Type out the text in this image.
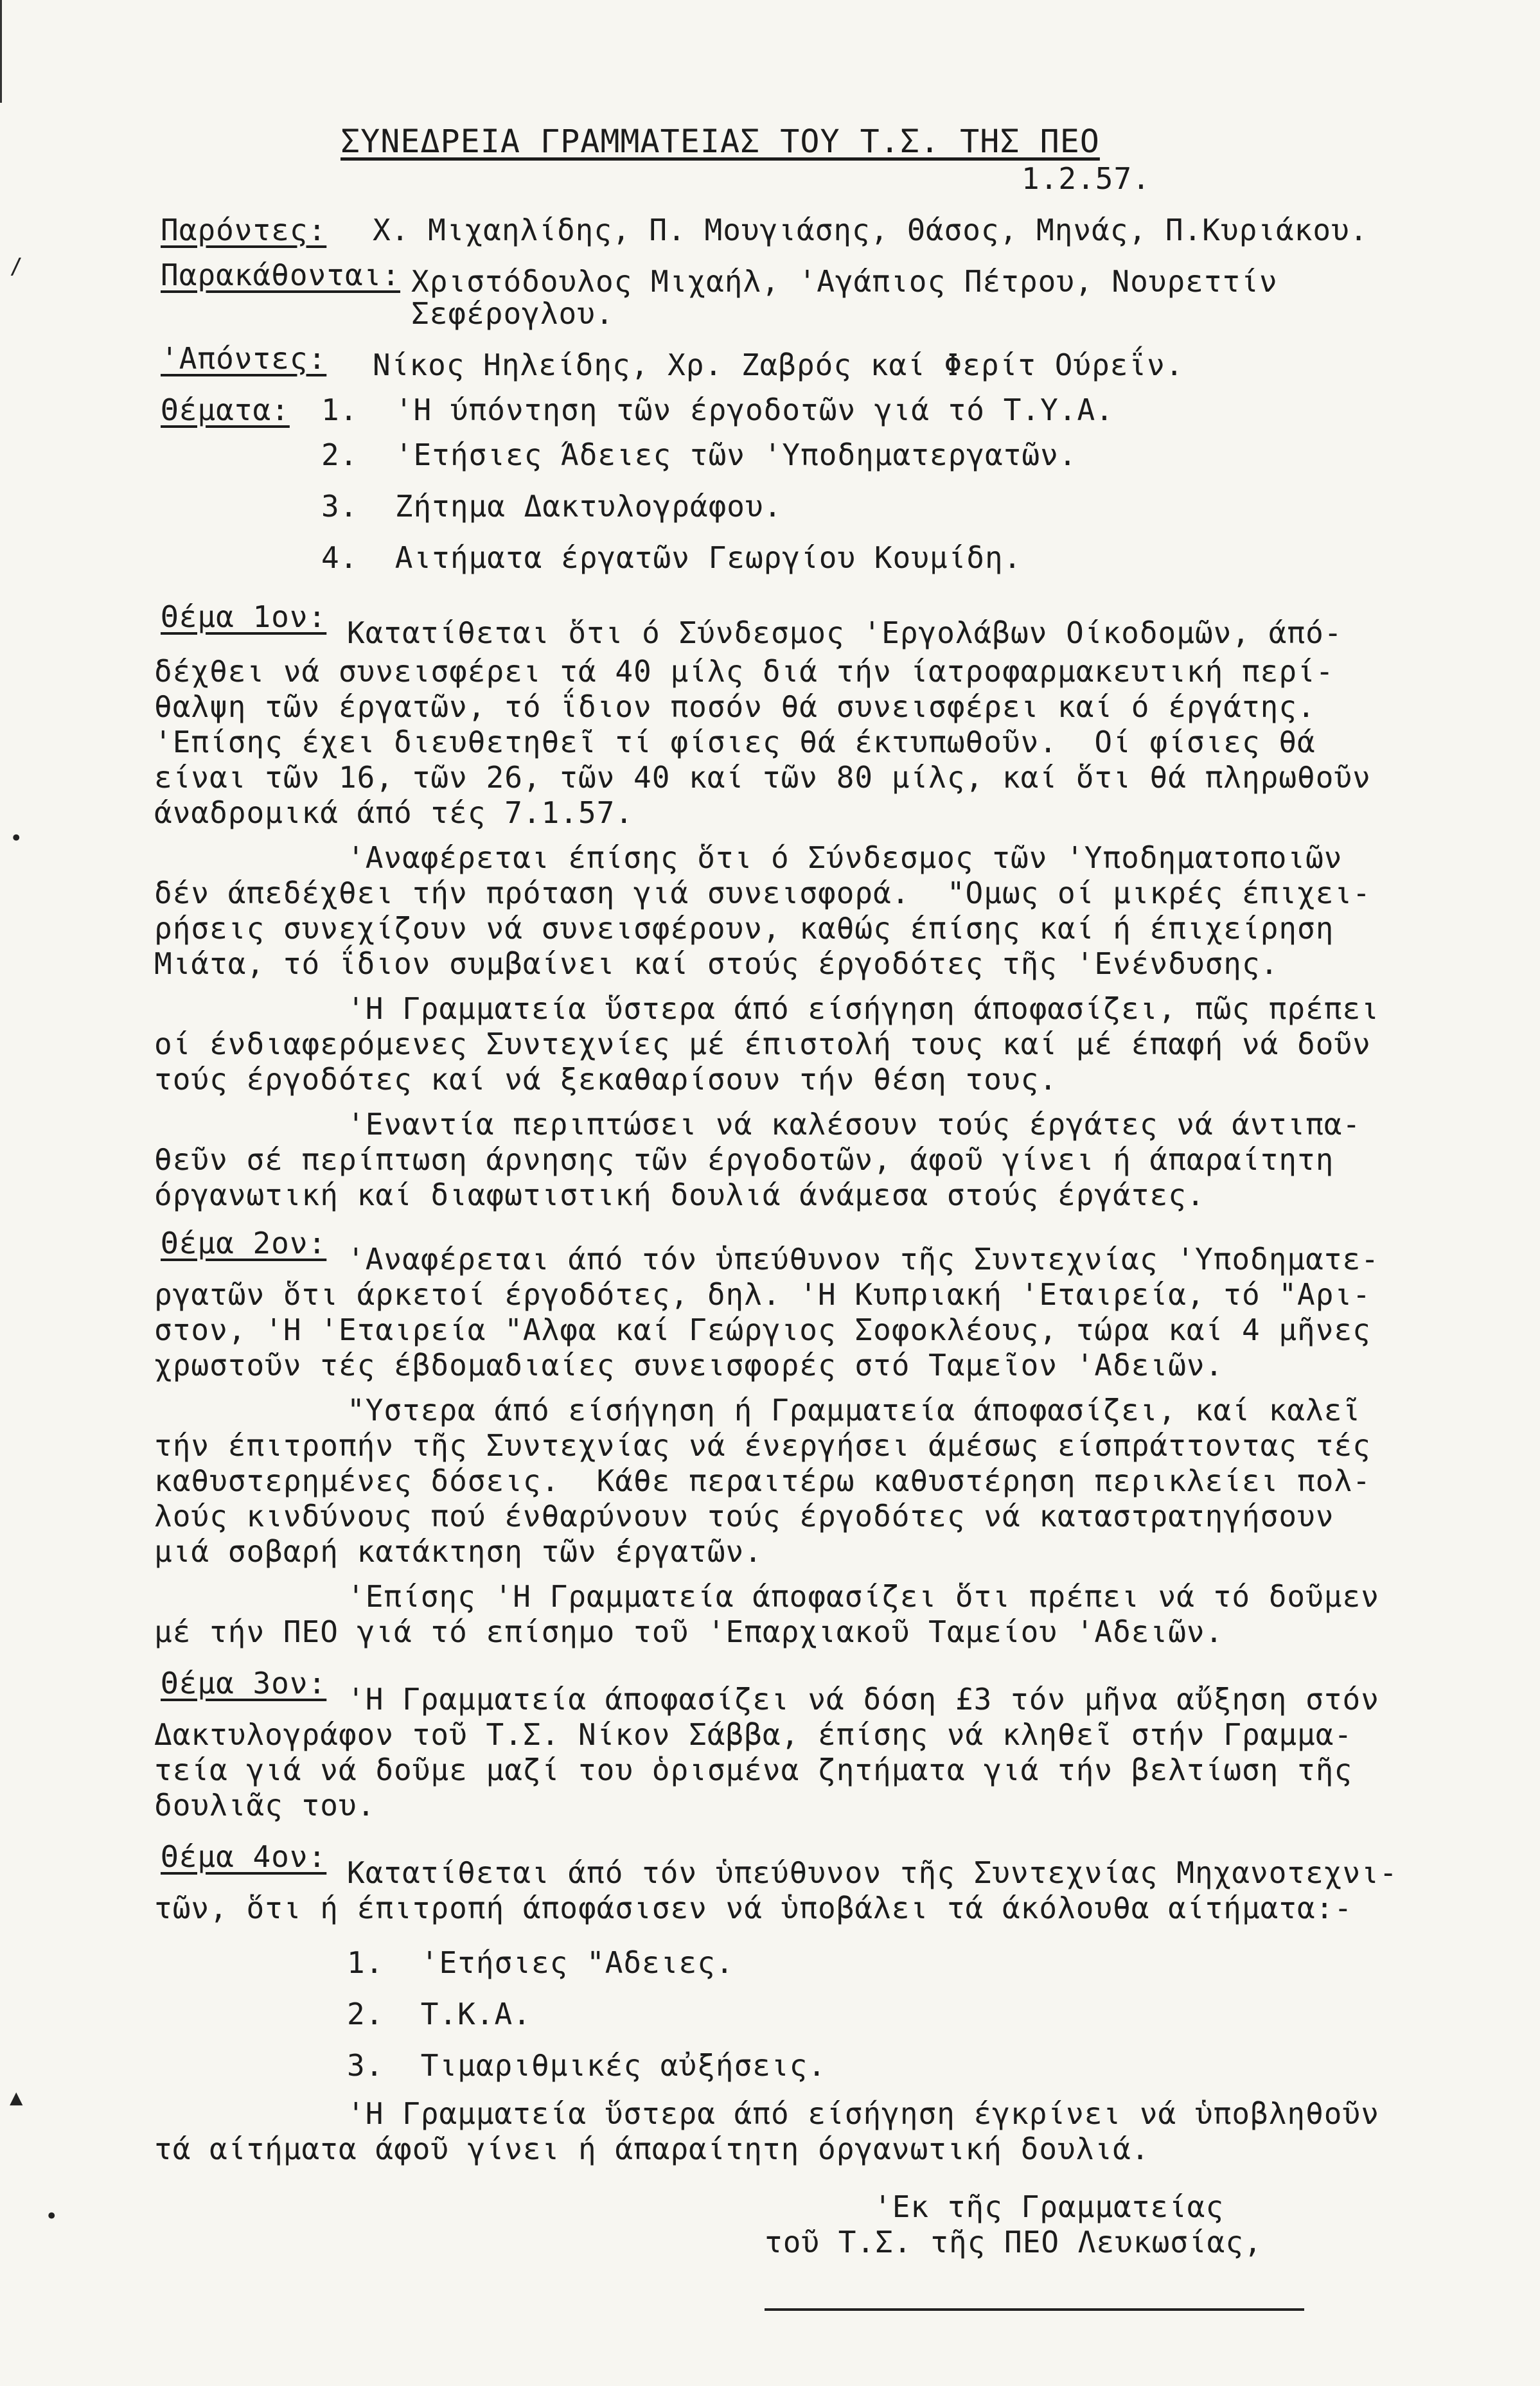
ΣΥΝΕΔΡΕΙΑ ΓΡΑΜΜΑΤΕΙΑΣ ΤΟΥ Τ.Σ. ΤΗΣ ΠΕΟ
1.2.57.
Παρόντες: Χ. Μιχαηλίδης, Π. Μουγιάσης, Θάσος, Μηνάς, Π.Κυριάκου.
Παρακάθονται: Χριστόδουλος Μιχαήλ, 'Αγάπιος Πέτρου, Νουρεττίν
Σεφέρογλου.
'Απόντες: Νίκος Ηηλείδης, Χρ. Ζαβρός καί Φερίτ Ούρεΐν.
Θέματα: 1.  'Η ύπόντηση τῶν έργοδοτῶν γιά τό Τ.Υ.Α.
2.  'Ετήσιες Άδειες τῶν 'Υποδηματεργατῶν.
3.  Ζήτημα Δακτυλογράφου.
4.  Αιτήματα έργατῶν Γεωργίου Κουμίδη.
Θέμα 1ον: Κατατίθεται ὅτι ό Σύνδεσμος 'Εργολάβων Οίκοδομῶν, άπό-
δέχθει νά συνεισφέρει τά 40 μίλς διά τήν ίατροφαρμακευτική περί-
θαλψη τῶν έργατῶν, τό ΐδιον ποσόν θά συνεισφέρει καί ό έργάτης.
'Επίσης έχει διευθετηθεῖ τί φίσιες θά έκτυπωθοῦν.  Οί φίσιες θά
είναι τῶν 16, τῶν 26, τῶν 40 καί τῶν 80 μίλς, καί ὅτι θά πληρωθοῦν
άναδρομικά άπό τές 7.1.57.
'Αναφέρεται έπίσης ὅτι ό Σύνδεσμος τῶν 'Υποδηματοποιῶν
δέν άπεδέχθει τήν πρόταση γιά συνεισφορά.  "Ομως οί μικρές έπιχει-
ρήσεις συνεχίζουν νά συνεισφέρουν, καθώς έπίσης καί ή έπιχείρηση
Μιάτα, τό ΐδιον συμβαίνει καί στούς έργοδότες τῆς 'Ενένδυσης.
'Η Γραμματεία ὕστερα άπό είσήγηση άποφασίζει, πῶς πρέπει
οί ένδιαφερόμενες Συντεχνίες μέ έπιστολή τους καί μέ έπαφή νά δοῦν
τούς έργοδότες καί νά ξεκαθαρίσουν τήν θέση τους.
'Εναντία περιπτώσει νά καλέσουν τούς έργάτες νά άντιπα-
θεῦν σέ περίπτωση άρνησης τῶν έργοδοτῶν, άφοῦ γίνει ή άπαραίτητη
όργανωτική καί διαφωτιστική δουλιά άνάμεσα στούς έργάτες.
Θέμα 2ον: 'Αναφέρεται άπό τόν ὑπεύθυνον τῆς Συντεχνίας 'Υποδηματε-
ργατῶν ὅτι άρκετοί έργοδότες, δηλ. 'Η Κυπριακή 'Εταιρεία, τό "Αρι-
στον, 'Η 'Εταιρεία "Αλφα καί Γεώργιος Σοφοκλέους, τώρα καί 4 μῆνες
χρωστοῦν τές έβδομαδιαίες συνεισφορές στό Ταμεῖον 'Αδειῶν.
"Υστερα άπό είσήγηση ή Γραμματεία άποφασίζει, καί καλεῖ
τήν έπιτροπήν τῆς Συντεχνίας νά ένεργήσει άμέσως είσπράττοντας τές
καθυστερημένες δόσεις.  Κάθε περαιτέρω καθυστέρηση περικλείει πολ-
λούς κινδύνους πού ένθαρύνουν τούς έργοδότες νά καταστρατηγήσουν
μιά σοβαρή κατάκτηση τῶν έργατῶν.
'Επίσης 'Η Γραμματεία άποφασίζει ὅτι πρέπει νά τό δοῦμεν
μέ τήν ΠΕΟ γιά τό επίσημο τοῦ 'Επαρχιακοῦ Ταμείου 'Αδειῶν.
Θέμα 3ον: 'Η Γραμματεία άποφασίζει νά δόση £3 τόν μῆνα αὔξηση στόν
Δακτυλογράφον τοῦ Τ.Σ. Νίκον Σάββα, έπίσης νά κληθεῖ στήν Γραμμα-
τεία γιά νά δοῦμε μαζί του ὁρισμένα ζητήματα γιά τήν βελτίωση τῆς
δουλιᾶς του.
Θέμα 4ον: Κατατίθεται άπό τόν ὑπεύθυνον τῆς Συντεχνίας Μηχανοτεχνι-
τῶν, ὅτι ή έπιτροπή άποφάσισεν νά ὑποβάλει τά άκόλουθα αίτήματα:-
1.  'Ετήσιες "Αδειες.
2.  Τ.Κ.Α.
3.  Τιμαριθμικές αὐξήσεις.
'Η Γραμματεία ὕστερα άπό είσήγηση έγκρίνει νά ὑποβληθοῦν
τά αίτήματα άφοῦ γίνει ή άπαραίτητη όργανωτική δουλιά.
'Εκ τῆς Γραμματείας
τοῦ Τ.Σ. τῆς ΠΕΟ Λευκωσίας,
/
•
▲
•
